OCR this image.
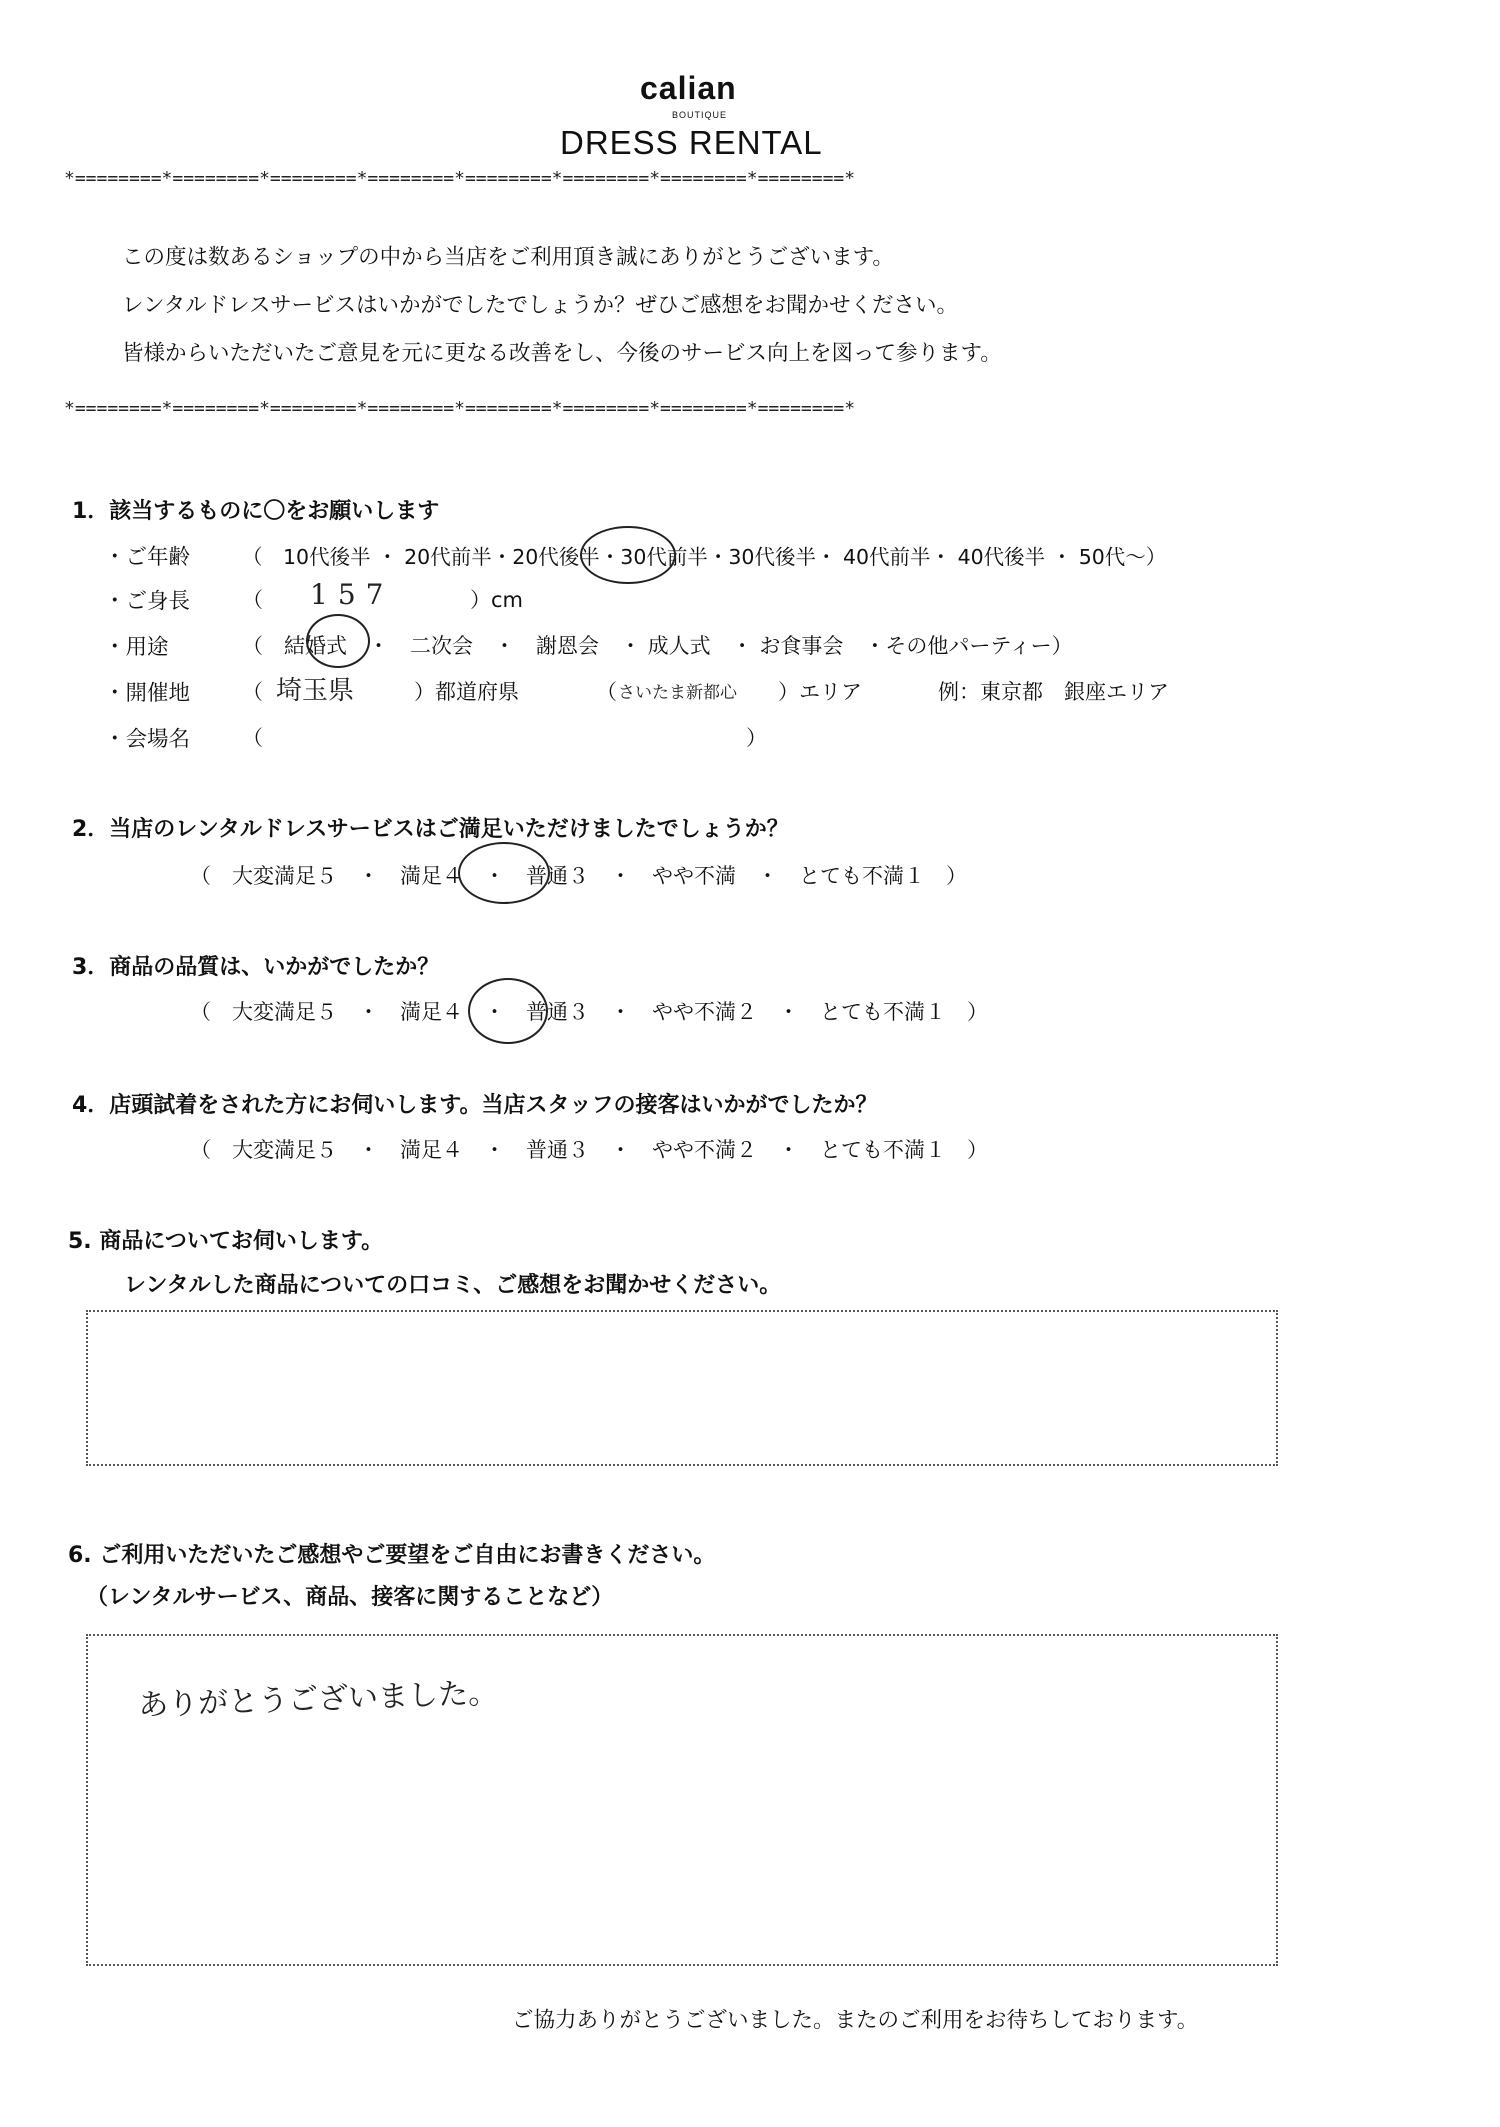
calian
BOUTIQUE
DRESS RENTAL
*========*========*========*========*========*========*========*========*
この度は数あるショップの中から当店をご利用頂き誠にありがとうございます。
レンタルドレスサービスはいかがでしたでしょうか？ぜひご感想をお聞かせください。
皆様からいただいたご意見を元に更なる改善をし、今後のサービス向上を図って参ります。
*========*========*========*========*========*========*========*========*
1．該当するものに〇をお願いします
・ご年齢	（　10代後半 ・ 20代前半・20代後半・30代前半・30代後半・ 40代前半・ 40代後半 ・ 50代〜）
・ご身長 （ 157	）cm
・用途	（　結婚式　・　二次会　・　謝恩会　・ 成人式　・ お食事会　・その他パーティー）
・開催地 （ 埼玉県	）都道府県	（ さいたま新都心 ）エリア	例：東京都　銀座エリア
・会場名 （　　　　　　　　　　　　　　　　　　　　　　　）
2．当店のレンタルドレスサービスはご満足いただけましたでしょうか？
（　大変満足５　・　満足４　・　普通３　・　やや不満　・　とても不満１　）
3．商品の品質は、いかがでしたか？
（　大変満足５　・　満足４　・　普通３　・　やや不満２　・　とても不満１　）
4．店頭試着をされた方にお伺いします。当店スタッフの接客はいかがでしたか？
（　大変満足５　・　満足４　・　普通３　・　やや不満２　・　とても不満１　）
5. 商品についてお伺いします。
レンタルした商品についての口コミ、ご感想をお聞かせください。
6. ご利用いただいたご感想やご要望をご自由にお書きください。
（レンタルサービス、商品、接客に関することなど）
ありがとうございました。
ご協力ありがとうございました。またのご利用をお待ちしております。
